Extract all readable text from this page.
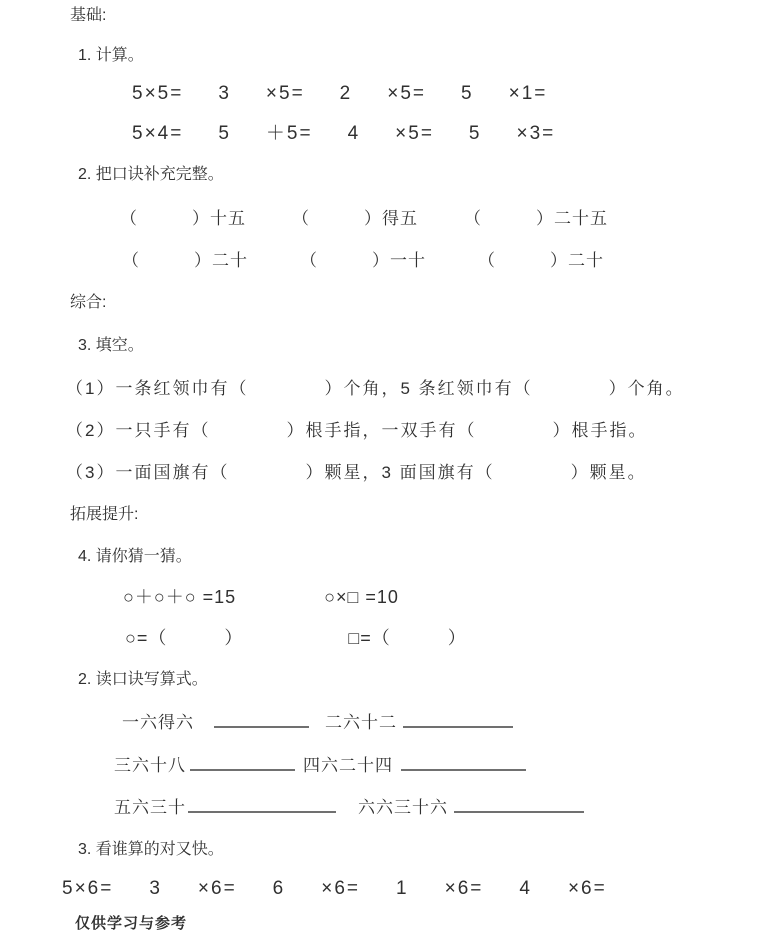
基础:
1. 计算。
5×5= 3 ×5= 2 ×5= 5 ×1=
5×4= 5 ＋5= 4 ×5= 5 ×3=
2. 把口诀补充完整。
（　　　）十五	（　　　）得五	（　　　）二十五
（　　　）二十	（　　　）一十	（　　　）二十
综合:
3. 填空。
（1）一条红领巾有（　　　　）个角，5 条红领巾有（　　　　）个角。
（2）一只手有（　　　　）根手指，一双手有（　　　　）根手指。
（3）一面国旗有（　　　　）颗星，3 面国旗有（　　　　）颗星。
拓展提升:
4. 请你猜一猜。
○＋○＋○ =15	○×□ =10
○=（　　　）	□=（　　　）
2. 读口诀写算式。
一六得六	二六十二
三六十八	四六二十四
五六三十	六六三十六
3. 看谁算的对又快。
5×6= 3 ×6= 6 ×6= 1 ×6= 4 ×6=
仅供学习与参考
